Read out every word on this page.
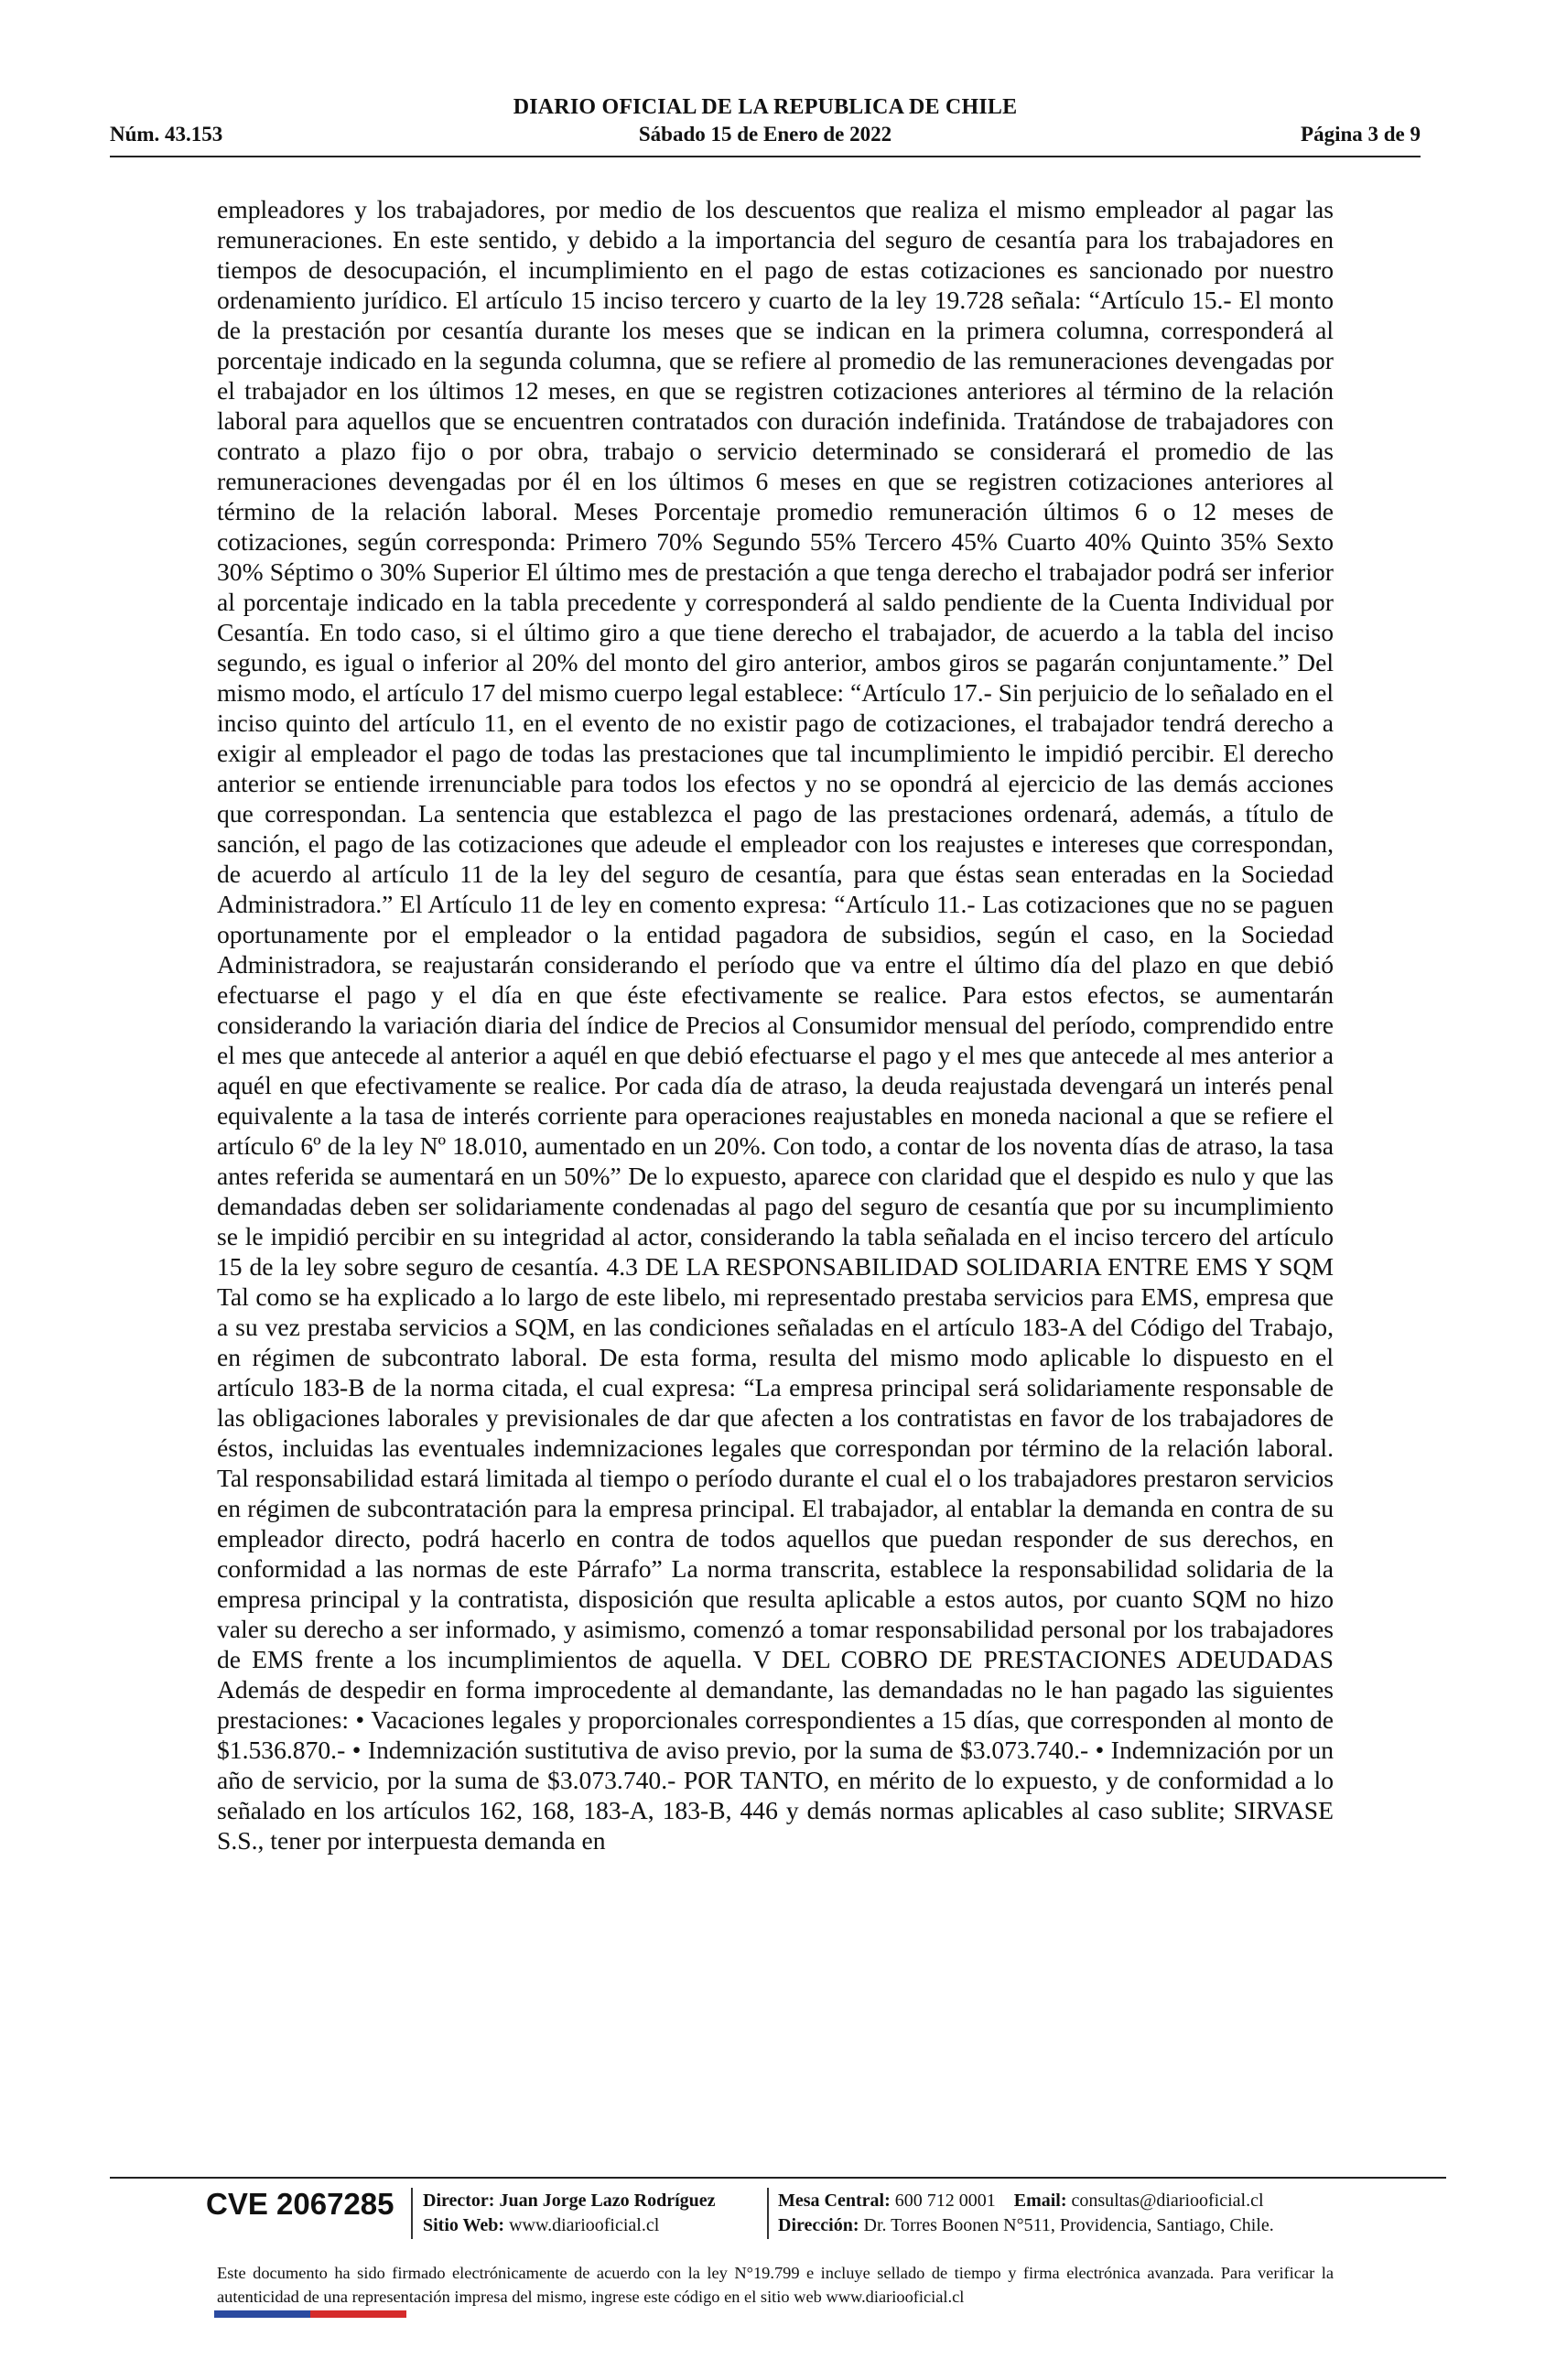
DIARIO OFICIAL DE LA REPUBLICA DE CHILE
Núm. 43.153	Sábado 15 de Enero de 2022	Página 3 de 9
empleadores y los trabajadores, por medio de los descuentos que realiza el mismo empleador al pagar las remuneraciones. En este sentido, y debido a la importancia del seguro de cesantía para los trabajadores en tiempos de desocupación, el incumplimiento en el pago de estas cotizaciones es sancionado por nuestro ordenamiento jurídico. El artículo 15 inciso tercero y cuarto de la ley 19.728 señala: “Artículo 15.- El monto de la prestación por cesantía durante los meses que se indican en la primera columna, corresponderá al porcentaje indicado en la segunda columna, que se refiere al promedio de las remuneraciones devengadas por el trabajador en los últimos 12 meses, en que se registren cotizaciones anteriores al término de la relación laboral para aquellos que se encuentren contratados con duración indefinida. Tratándose de trabajadores con contrato a plazo fijo o por obra, trabajo o servicio determinado se considerará el promedio de las remuneraciones devengadas por él en los últimos 6 meses en que se registren cotizaciones anteriores al término de la relación laboral. Meses Porcentaje promedio remuneración últimos 6 o 12 meses de cotizaciones, según corresponda: Primero 70% Segundo 55% Tercero 45% Cuarto 40% Quinto 35% Sexto 30% Séptimo o 30% Superior El último mes de prestación a que tenga derecho el trabajador podrá ser inferior al porcentaje indicado en la tabla precedente y corresponderá al saldo pendiente de la Cuenta Individual por Cesantía. En todo caso, si el último giro a que tiene derecho el trabajador, de acuerdo a la tabla del inciso segundo, es igual o inferior al 20% del monto del giro anterior, ambos giros se pagarán conjuntamente.” Del mismo modo, el artículo 17 del mismo cuerpo legal establece: “Artículo 17.- Sin perjuicio de lo señalado en el inciso quinto del artículo 11, en el evento de no existir pago de cotizaciones, el trabajador tendrá derecho a exigir al empleador el pago de todas las prestaciones que tal incumplimiento le impidió percibir. El derecho anterior se entiende irrenunciable para todos los efectos y no se opondrá al ejercicio de las demás acciones que correspondan. La sentencia que establezca el pago de las prestaciones ordenará, además, a título de sanción, el pago de las cotizaciones que adeude el empleador con los reajustes e intereses que correspondan, de acuerdo al artículo 11 de la ley del seguro de cesantía, para que éstas sean enteradas en la Sociedad Administradora.” El Artículo 11 de ley en comento expresa: “Artículo 11.- Las cotizaciones que no se paguen oportunamente por el empleador o la entidad pagadora de subsidios, según el caso, en la Sociedad Administradora, se reajustarán considerando el período que va entre el último día del plazo en que debió efectuarse el pago y el día en que éste efectivamente se realice. Para estos efectos, se aumentarán considerando la variación diaria del índice de Precios al Consumidor mensual del período, comprendido entre el mes que antecede al anterior a aquél en que debió efectuarse el pago y el mes que antecede al mes anterior a aquél en que efectivamente se realice. Por cada día de atraso, la deuda reajustada devengará un interés penal equivalente a la tasa de interés corriente para operaciones reajustables en moneda nacional a que se refiere el artículo 6º de la ley Nº 18.010, aumentado en un 20%. Con todo, a contar de los noventa días de atraso, la tasa antes referida se aumentará en un 50%” De lo expuesto, aparece con claridad que el despido es nulo y que las demandadas deben ser solidariamente condenadas al pago del seguro de cesantía que por su incumplimiento se le impidió percibir en su integridad al actor, considerando la tabla señalada en el inciso tercero del artículo 15 de la ley sobre seguro de cesantía. 4.3 DE LA RESPONSABILIDAD SOLIDARIA ENTRE EMS Y SQM Tal como se ha explicado a lo largo de este libelo, mi representado prestaba servicios para EMS, empresa que a su vez prestaba servicios a SQM, en las condiciones señaladas en el artículo 183-A del Código del Trabajo, en régimen de subcontrato laboral. De esta forma, resulta del mismo modo aplicable lo dispuesto en el artículo 183-B de la norma citada, el cual expresa: “La empresa principal será solidariamente responsable de las obligaciones laborales y previsionales de dar que afecten a los contratistas en favor de los trabajadores de éstos, incluidas las eventuales indemnizaciones legales que correspondan por término de la relación laboral. Tal responsabilidad estará limitada al tiempo o período durante el cual el o los trabajadores prestaron servicios en régimen de subcontratación para la empresa principal. El trabajador, al entablar la demanda en contra de su empleador directo, podrá hacerlo en contra de todos aquellos que puedan responder de sus derechos, en conformidad a las normas de este Párrafo” La norma transcrita, establece la responsabilidad solidaria de la empresa principal y la contratista, disposición que resulta aplicable a estos autos, por cuanto SQM no hizo valer su derecho a ser informado, y asimismo, comenzó a tomar responsabilidad personal por los trabajadores de EMS frente a los incumplimientos de aquella. V DEL COBRO DE PRESTACIONES ADEUDADAS Además de despedir en forma improcedente al demandante, las demandadas no le han pagado las siguientes prestaciones: • Vacaciones legales y proporcionales correspondientes a 15 días, que corresponden al monto de $1.536.870.- • Indemnización sustitutiva de aviso previo, por la suma de $3.073.740.- • Indemnización por un año de servicio, por la suma de $3.073.740.- POR TANTO, en mérito de lo expuesto, y de conformidad a lo señalado en los artículos 162, 168, 183-A, 183-B, 446 y demás normas aplicables al caso sublite; SIRVASE S.S., tener por interpuesta demanda en
CVE 2067285 Director: Juan Jorge Lazo Rodríguez
Sitio Web: www.diariooficial.cl
Mesa Central: 600 712 0001 Email: consultas@diariooficial.cl
Dirección: Dr. Torres Boonen N°511, Providencia, Santiago, Chile.
Este documento ha sido firmado electrónicamente de acuerdo con la ley N°19.799 e incluye sellado de tiempo y firma electrónica avanzada. Para verificar la autenticidad de una representación impresa del mismo, ingrese este código en el sitio web www.diariooficial.cl
